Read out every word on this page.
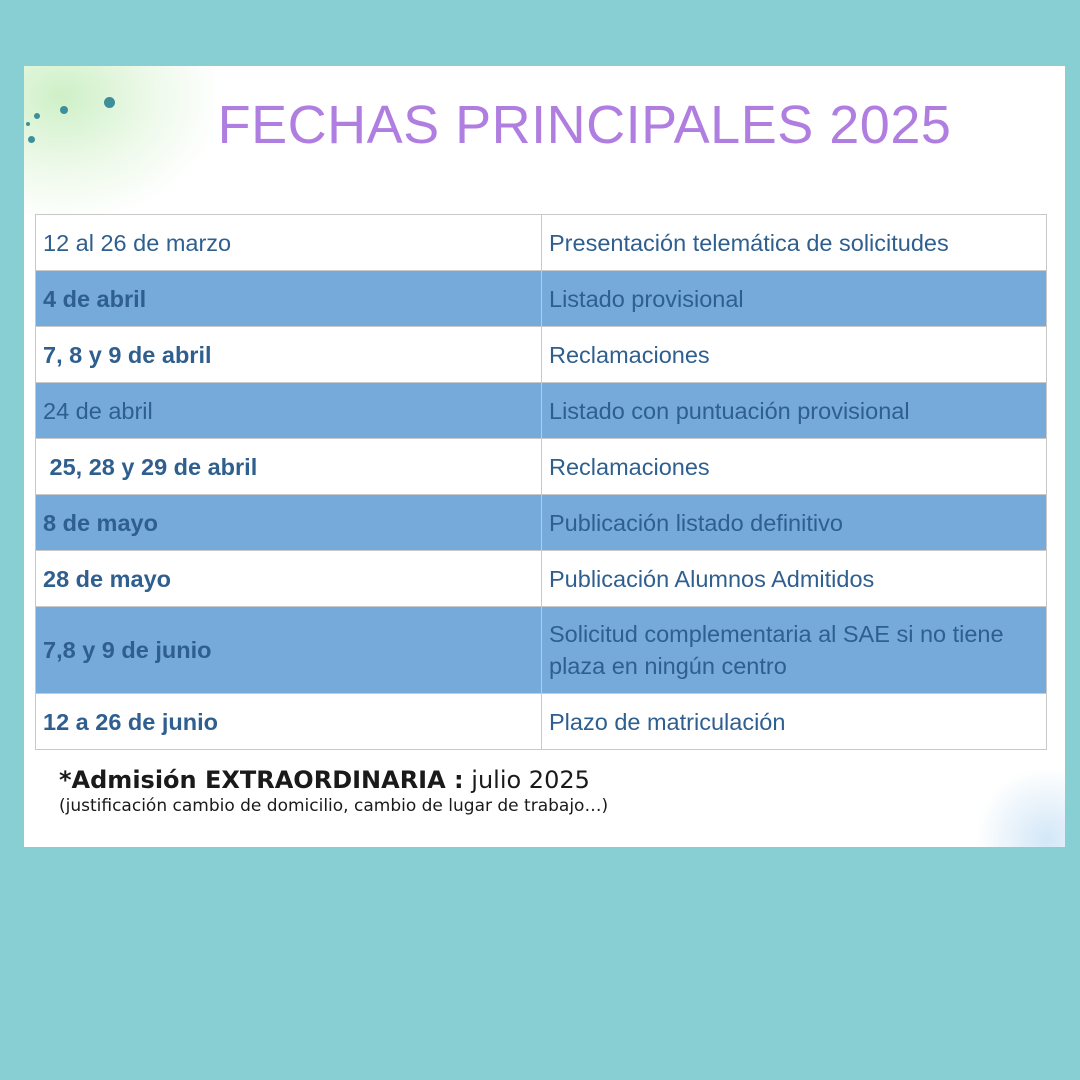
FECHAS PRINCIPALES 2025
12 al 26 de marzo	Presentación telemática de solicitudes
4 de abril	Listado provisional
7, 8 y 9 de abril	Reclamaciones
24 de abril	Listado con puntuación provisional
25, 28 y 29 de abril	Reclamaciones
8 de mayo	Publicación listado definitivo
28 de mayo	Publicación Alumnos Admitidos
7,8 y 9 de junio	Solicitud complementaria al SAE si no tiene plaza en ningún centro
12 a 26 de junio	Plazo de matriculación
*Admisión EXTRAORDINARIA : julio 2025
(justificación cambio de domicilio, cambio de lugar de trabajo…)
